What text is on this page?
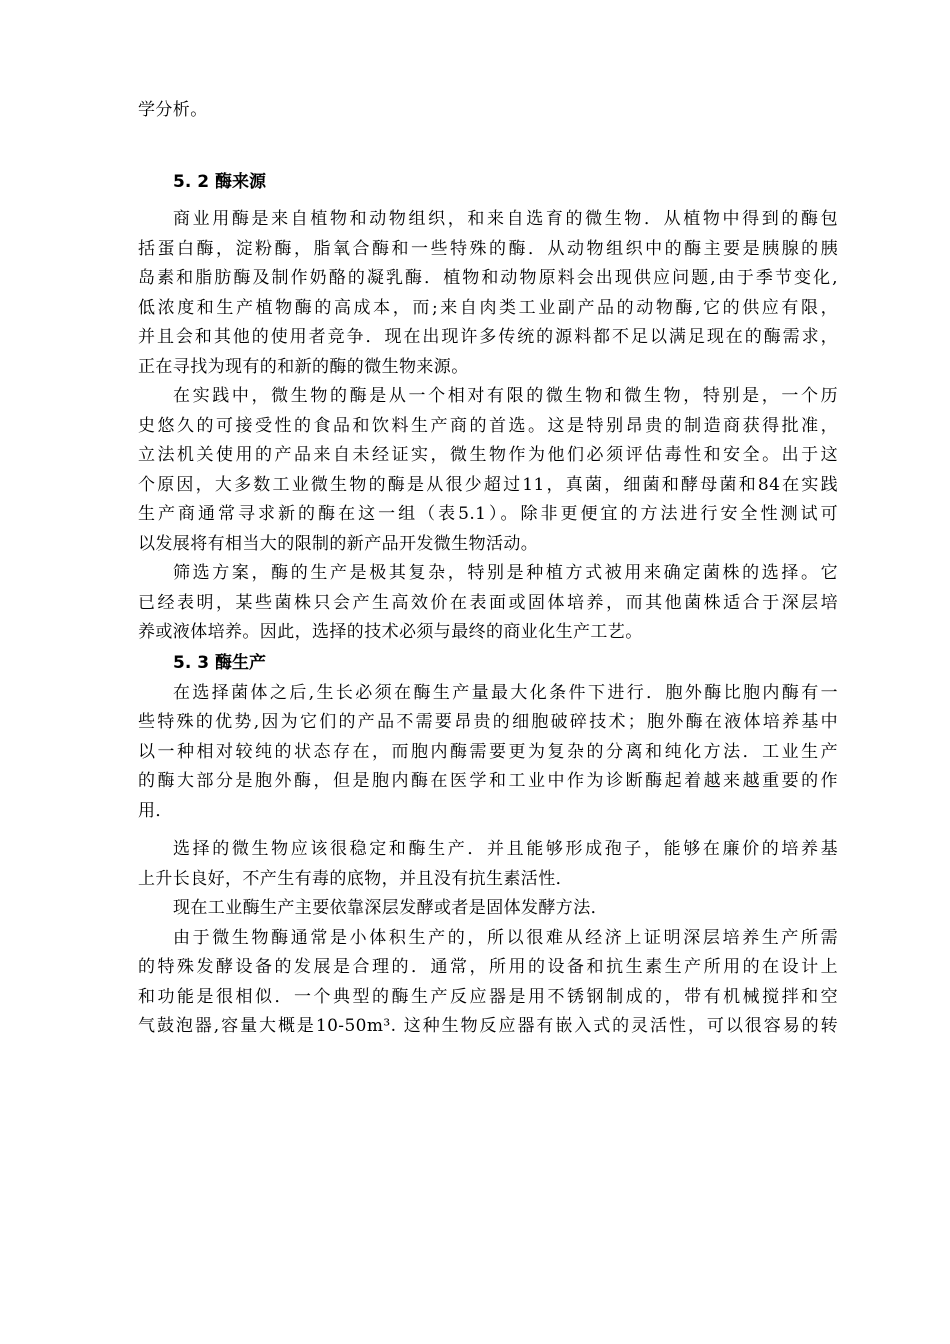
学分析。
5. 2 酶来源
商业用酶是来自植物和动物组织，和来自选育的微生物．从植物中得到的酶包
括蛋白酶，淀粉酶，脂氧合酶和一些特殊的酶．从动物组织中的酶主要是胰腺的胰
岛素和脂肪酶及制作奶酪的凝乳酶．植物和动物原料会出现供应问题,由于季节变化,
低浓度和生产植物酶的高成本，而;来自肉类工业副产品的动物酶,它的供应有限，
并且会和其他的使用者竞争．现在出现许多传统的源料都不足以满足现在的酶需求，
正在寻找为现有的和新的酶的微生物来源。
在实践中，微生物的酶是从一个相对有限的微生物和微生物，特别是，一个历
史悠久的可接受性的食品和饮料生产商的首选。这是特别昂贵的制造商获得批准，
立法机关使用的产品来自未经证实，微生物作为他们必须评估毒性和安全。出于这
个原因，大多数工业微生物的酶是从很少超过11，真菌，细菌和酵母菌和84在实践
生产商通常寻求新的酶在这一组（表5.1）。除非更便宜的方法进行安全性测试可
以发展将有相当大的限制的新产品开发微生物活动。
筛选方案，酶的生产是极其复杂，特别是种植方式被用来确定菌株的选择。它
已经表明，某些菌株只会产生高效价在表面或固体培养，而其他菌株适合于深层培
养或液体培养。因此，选择的技术必须与最终的商业化生产工艺。
5. 3 酶生产
在选择菌体之后,生长必须在酶生产量最大化条件下进行．胞外酶比胞内酶有一
些特殊的优势,因为它们的产品不需要昂贵的细胞破碎技术；胞外酶在液体培养基中
以一种相对较纯的状态存在，而胞内酶需要更为复杂的分离和纯化方法．工业生产
的酶大部分是胞外酶，但是胞内酶在医学和工业中作为诊断酶起着越来越重要的作
用．
选择的微生物应该很稳定和酶生产．并且能够形成孢子，能够在廉价的培养基
上升长良好，不产生有毒的底物，并且没有抗生素活性．
现在工业酶生产主要依靠深层发酵或者是固体发酵方法．
由于微生物酶通常是小体积生产的，所以很难从经济上证明深层培养生产所需
的特殊发酵设备的发展是合理的．通常，所用的设备和抗生素生产所用的在设计上
和功能是很相似．一个典型的酶生产反应器是用不锈钢制成的，带有机械搅拌和空
气鼓泡器,容量大概是10-50m³. 这种生物反应器有嵌入式的灵活性，可以很容易的转
